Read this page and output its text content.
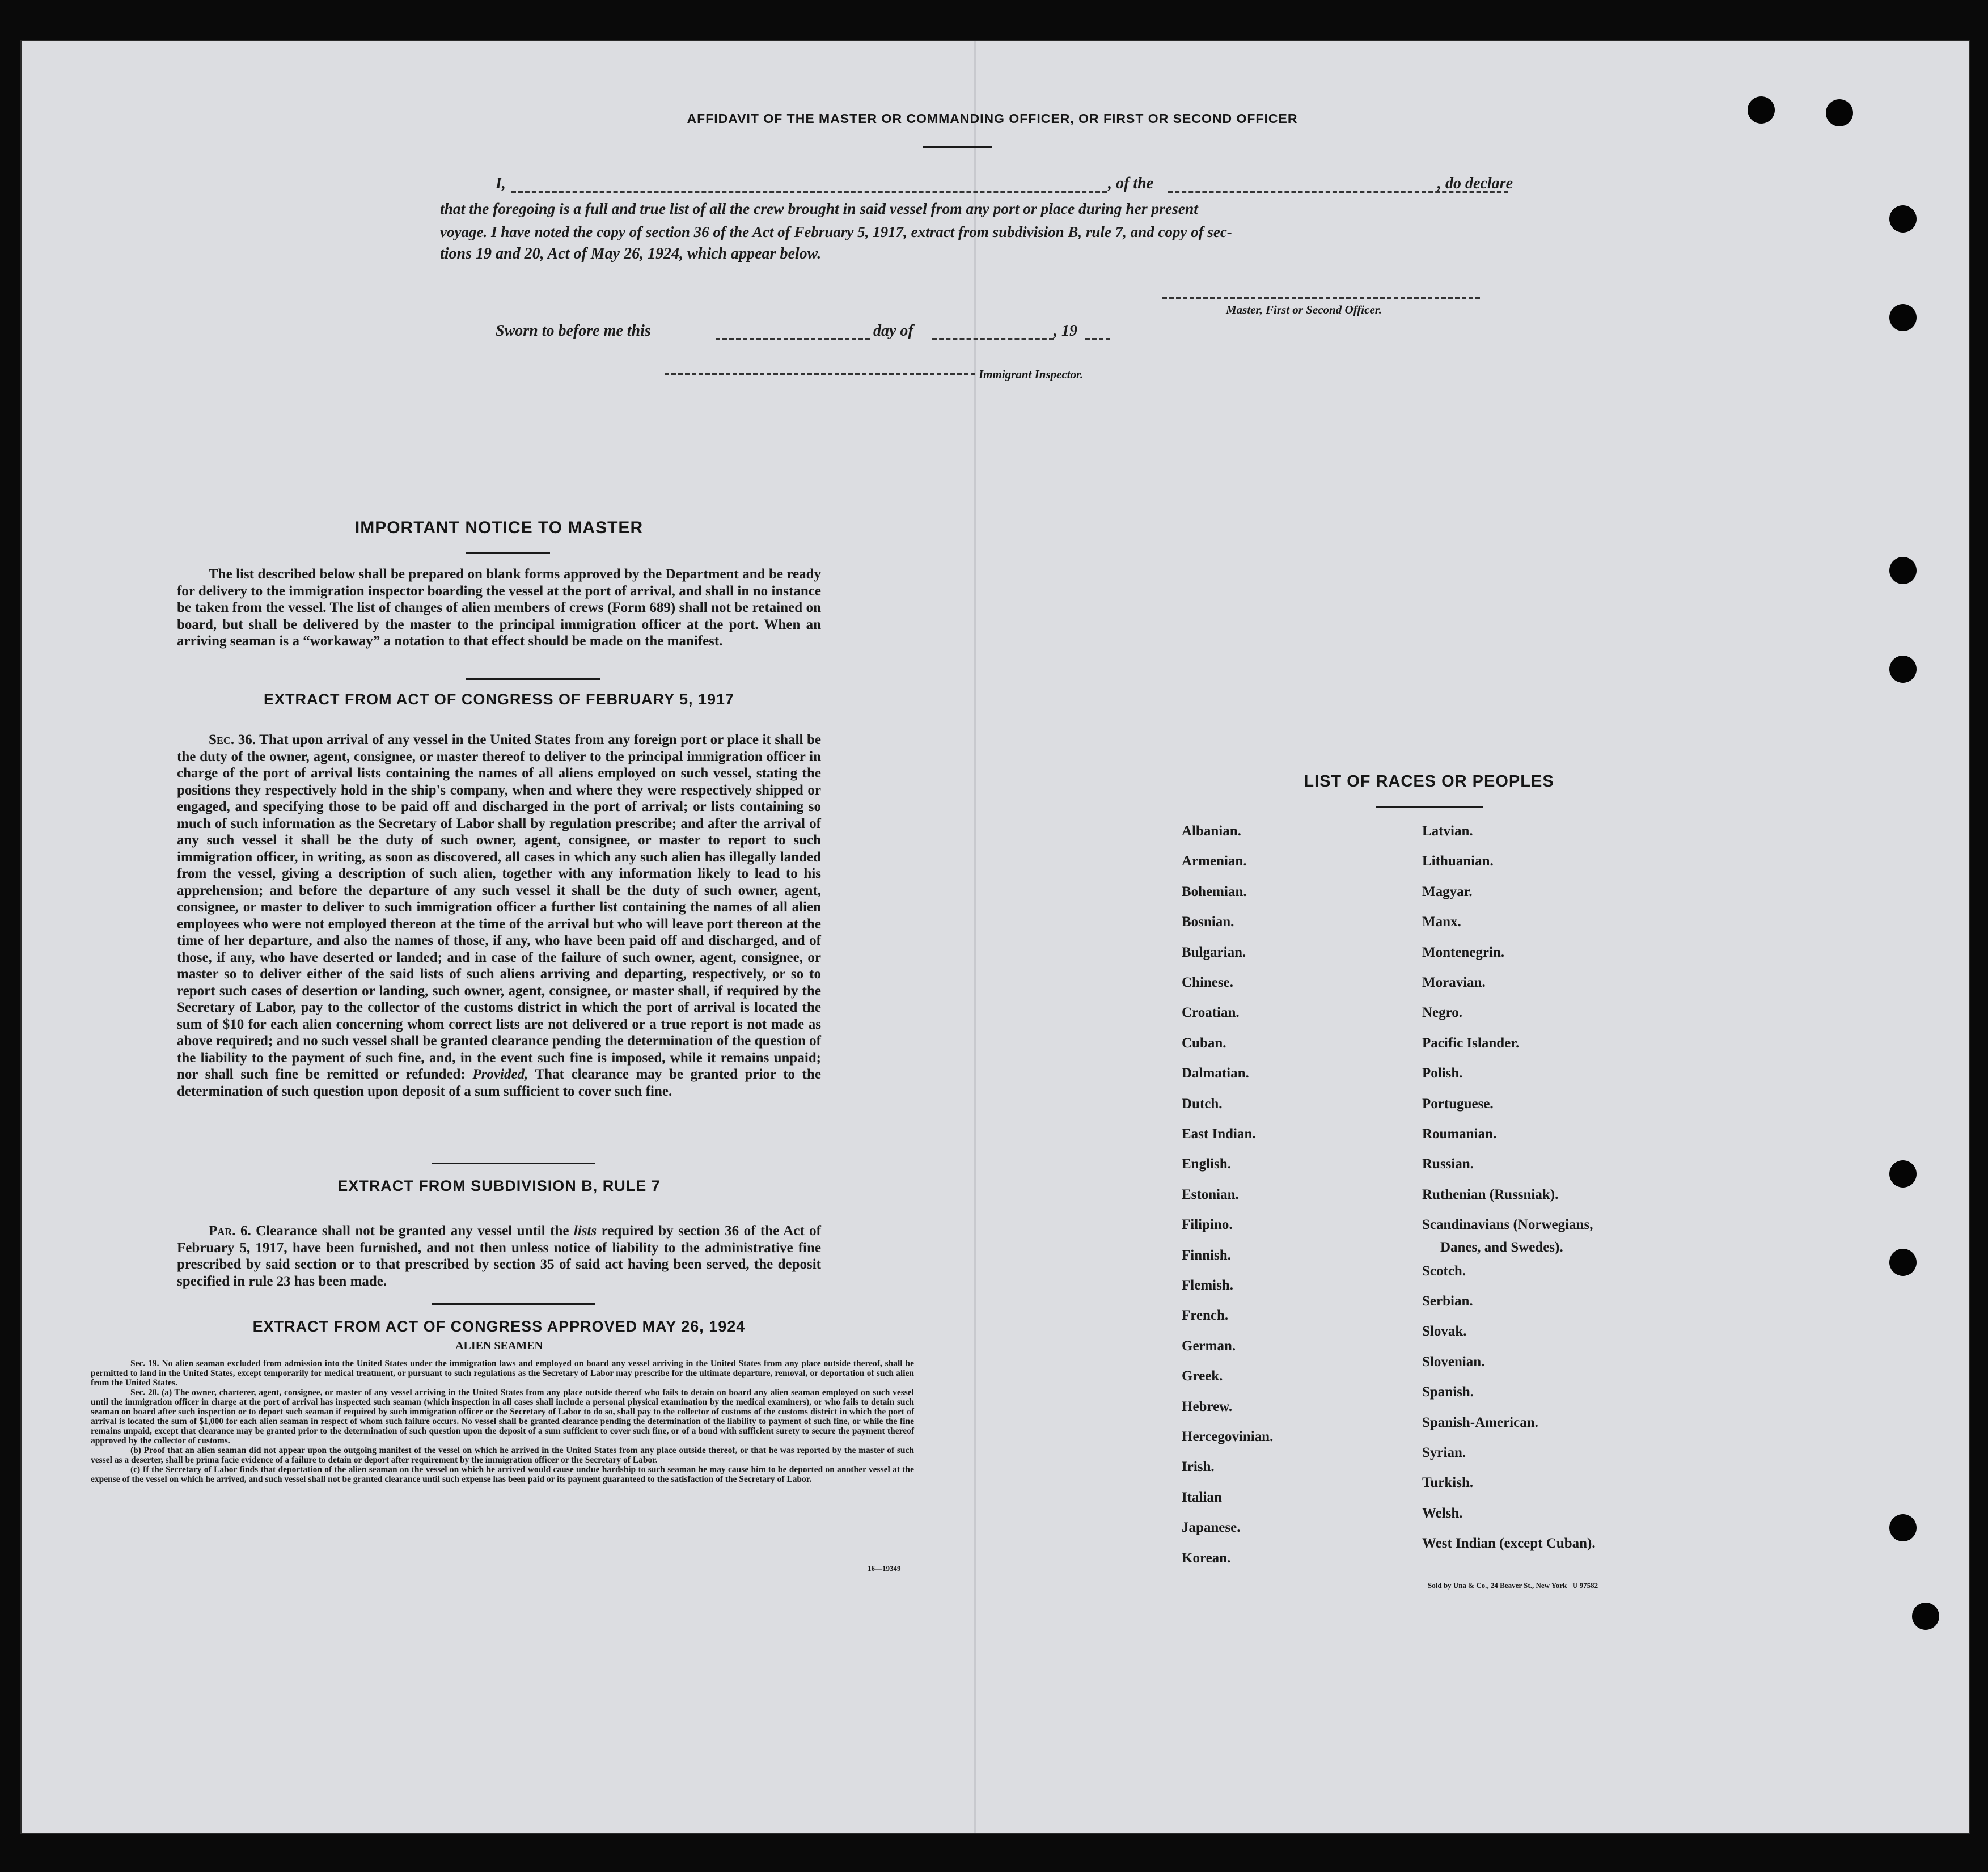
AFFIDAVIT OF THE MASTER OR COMMANDING OFFICER, OR FIRST OR SECOND OFFICER
I,	, of the	, do declare
that the foregoing is a full and true list of all the crew brought in said vessel from any port or place during her present
voyage. I have noted the copy of section 36 of the Act of February 5, 1917, extract from subdivision B, rule 7, and copy of sec-
tions 19 and 20, Act of May 26, 1924, which appear below.
Master, First or Second Officer.
Sworn to before me this	day of	, 19
Immigrant Inspector.
IMPORTANT NOTICE TO MASTER
The list described below shall be prepared on blank forms approved by the Department and be ready for delivery to the immigration inspector boarding the vessel at the port of arrival, and shall in no instance be taken from the vessel. The list of changes of alien members of crews (Form 689) shall not be retained on board, but shall be delivered by the master to the principal immigration officer at the port. When an arriving seaman is a “workaway” a notation to that effect should be made on the manifest.
EXTRACT FROM ACT OF CONGRESS OF FEBRUARY 5, 1917
Sec. 36. That upon arrival of any vessel in the United States from any foreign port or place it shall be the duty of the owner, agent, consignee, or master thereof to deliver to the principal immigration officer in charge of the port of arrival lists containing the names of all aliens employed on such vessel, stating the positions they respectively hold in the ship's company, when and where they were respectively shipped or engaged, and specifying those to be paid off and discharged in the port of arrival; or lists containing so much of such information as the Secretary of Labor shall by regulation prescribe; and after the arrival of any such vessel it shall be the duty of such owner, agent, consignee, or master to report to such immigration officer, in writing, as soon as discovered, all cases in which any such alien has illegally landed from the vessel, giving a description of such alien, together with any information likely to lead to his apprehension; and before the departure of any such vessel it shall be the duty of such owner, agent, consignee, or master to deliver to such immigration officer a further list containing the names of all alien employees who were not employed thereon at the time of the arrival but who will leave port thereon at the time of her departure, and also the names of those, if any, who have been paid off and discharged, and of those, if any, who have deserted or landed; and in case of the failure of such owner, agent, consignee, or master so to deliver either of the said lists of such aliens arriving and departing, respectively, or so to report such cases of desertion or landing, such owner, agent, consignee, or master shall, if required by the Secretary of Labor, pay to the collector of the customs district in which the port of arrival is located the sum of $10 for each alien concerning whom correct lists are not delivered or a true report is not made as above required; and no such vessel shall be granted clearance pending the determination of the question of the liability to the payment of such fine, and, in the event such fine is imposed, while it remains unpaid; nor shall such fine be remitted or refunded: Provided, That clearance may be granted prior to the determination of such question upon deposit of a sum sufficient to cover such fine.
EXTRACT FROM SUBDIVISION B, RULE 7
Par. 6. Clearance shall not be granted any vessel until the lists required by section 36 of the Act of February 5, 1917, have been furnished, and not then unless notice of liability to the administrative fine prescribed by said section or to that prescribed by section 35 of said act having been served, the deposit specified in rule 23 has been made.
EXTRACT FROM ACT OF CONGRESS APPROVED MAY 26, 1924
ALIEN SEAMEN
Sec. 19. No alien seaman excluded from admission into the United States under the immigration laws and employed on board any vessel arriving in the United States from any place outside thereof, shall be permitted to land in the United States, except temporarily for medical treatment, or pursuant to such regulations as the Secretary of Labor may prescribe for the ultimate departure, removal, or deportation of such alien from the United States.
Sec. 20. (a) The owner, charterer, agent, consignee, or master of any vessel arriving in the United States from any place outside thereof who fails to detain on board any alien seaman employed on such vessel until the immigration officer in charge at the port of arrival has inspected such seaman (which inspection in all cases shall include a personal physical examination by the medical examiners), or who fails to detain such seaman on board after such inspection or to deport such seaman if required by such immigration officer or the Secretary of Labor to do so, shall pay to the collector of customs of the customs district in which the port of arrival is located the sum of $1,000 for each alien seaman in respect of whom such failure occurs. No vessel shall be granted clearance pending the determination of the liability to payment of such fine, or while the fine remains unpaid, except that clearance may be granted prior to the determination of such question upon the deposit of a sum sufficient to cover such fine, or of a bond with sufficient surety to secure the payment thereof approved by the collector of customs.
(b) Proof that an alien seaman did not appear upon the outgoing manifest of the vessel on which he arrived in the United States from any place outside thereof, or that he was reported by the master of such vessel as a deserter, shall be prima facie evidence of a failure to detain or deport after requirement by the immigration officer or the Secretary of Labor.
(c) If the Secretary of Labor finds that deportation of the alien seaman on the vessel on which he arrived would cause undue hardship to such seaman he may cause him to be deported on another vessel at the expense of the vessel on which he arrived, and such vessel shall not be granted clearance until such expense has been paid or its payment guaranteed to the satisfaction of the Secretary of Labor.
16—19349
LIST OF RACES OR PEOPLES
Danes, and Swedes).
Sold by Una & Co., 24 Beaver St., New York   U 97582
Albanian.
Armenian.
Bohemian.
Bosnian.
Bulgarian.
Chinese.
Croatian.
Cuban.
Dalmatian.
Dutch.
East Indian.
English.
Estonian.
Filipino.
Finnish.
Flemish.
French.
German.
Greek.
Hebrew.
Hercegovinian.
Irish.
Italian
Japanese.
Korean.
Latvian.
Lithuanian.
Magyar.
Manx.
Montenegrin.
Moravian.
Negro.
Pacific Islander.
Polish.
Portuguese.
Roumanian.
Russian.
Ruthenian (Russniak).
Scandinavians (Norwegians,
Scotch.
Serbian.
Slovak.
Slovenian.
Spanish.
Spanish-American.
Syrian.
Turkish.
Welsh.
West Indian (except Cuban).
